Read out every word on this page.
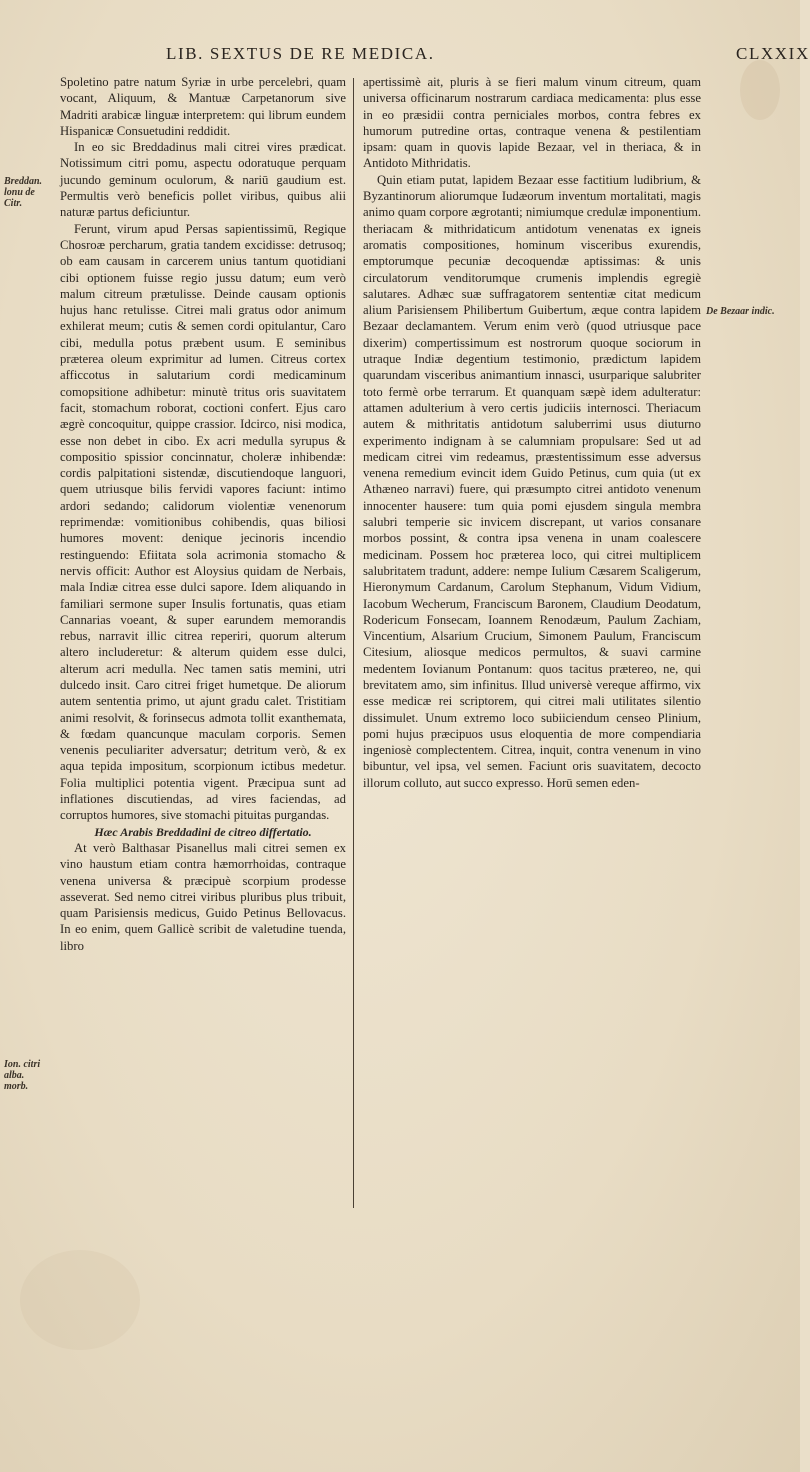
LIB. SEXTUS DE RE MEDICA.	CLXXIX
Breddan. lonu de Citr.
Ion. citri alba. morb.
De Bezaar indic.

Spoletino patre natum Syriæ in urbe percelebri, quam vocant, Aliquum, & Mantuæ Carpetanorum sive Madriti arabicæ linguæ interpretem: qui librum eundem Hispanicæ Consuetudini reddidit.

In eo sic Breddadinus mali citrei vires prædicat. Notissimum citri pomu, aspectu odoratuque perquam jucundo geminum oculorum, & nariū gaudium est. Permultis verò beneficis pollet viribus, quibus alii naturæ partus deficiuntur.

Ferunt, virum apud Persas sapientissimū, Regique Chosroæ percharum, gratia tandem excidisse: detrusoq; ob eam causam in carcerem unius tantum quotidiani cibi optionem fuisse regio jussu datum; eum verò malum citreum prætulisse. Deinde causam optionis hujus hanc retulisse. Citrei mali gratus odor animum exhilerat meum; cutis & semen cordi opitulantur, Caro cibi, medulla potus præbent usum. E seminibus præterea oleum exprimitur ad lumen. Citreus cortex afficcotus in salutarium cordi medicaminum comopsitione adhibetur: minutè tritus oris suavitatem facit, stomachum roborat, coctioni confert. Ejus caro ægrè concoquitur, quippe crassior. Idcirco, nisi modica, esse non debet in cibo. Ex acri medulla syrupus & compositio spissior concinnatur, choleræ inhibendæ: cordis palpitationi sistendæ, discutiendoque languori, quem utriusque bilis fervidi vapores faciunt: intimo ardori sedando; calidorum violentiæ venenorum reprimendæ: vomitionibus cohibendis, quas biliosi humores movent: denique jecinoris incendio restinguendo: Efiitata sola acrimonia stomacho & nervis officit: Author est Aloysius quidam de Nerbais, mala Indiæ citrea esse dulci sapore. Idem aliquando in familiari sermone super Insulis fortunatis, quas etiam Cannarias voeant, & super earundem memorandis rebus, narravit illic citrea reperiri, quorum alterum altero includeretur: & alterum quidem esse dulci, alterum acri medulla. Nec tamen satis memini, utri dulcedo insit. Caro citrei friget humetque. De aliorum autem sententia primo, ut ajunt gradu calet. Tristitiam animi resolvit, & forinsecus admota tollit exanthemata, & fœdam quancunque maculam corporis. Semen venenis peculiariter adversatur; detritum verò, & ex aqua tepida impositum, scorpionum ictibus medetur. Folia multiplici potentia vigent. Præcipua sunt ad inflationes discutiendas, ad vires faciendas, ad corruptos humores, sive stomachi pituitas purgandas.

Hæc Arabis Breddadini de citreo differtatio.

At verò Balthasar Pisanellus mali citrei semen ex vino haustum etiam contra hæmorrhoidas, contraque venena universa & præcipuè scorpium prodesse asseverat. Sed nemo citrei viribus pluribus plus tribuit, quam Parisiensis medicus, Guido Petinus Bellovacus. In eo enim, quem Gallicè scribit de valetudine tuenda, libro

apertissimè ait, pluris à se fieri malum vinum citreum, quam universa officinarum nostrarum cardiaca medicamenta: plus esse in eo præsidii contra perniciales morbos, contra febres ex humorum putredine ortas, contraque venena & pestilentiam ipsam: quam in quovis lapide Bezaar, vel in theriaca, & in Antidoto Mithridatis.

Quin etiam putat, lapidem Bezaar esse factitium ludibrium, & Byzantinorum aliorumque Iudæorum inventum mortalitati, magis animo quam corpore ægrotanti; nimiumque credulæ imponentium. theriacam & mithridaticum antidotum venenatas ex igneis aromatis compositiones, hominum visceribus exurendis, emptorumque pecuniæ decoquendæ aptissimas: & unis circulatorum venditorumque crumenis implendis egregiè salutares. Adhæc suæ suffragatorem sententiæ citat medicum alium Parisiensem Philibertum Guibertum, æque contra lapidem Bezaar declamantem. Verum enim verò (quod utriusque pace dixerim) compertissimum est nostrorum quoque sociorum in utraque Indiæ degentium testimonio, prædictum lapidem quarundam visceribus animantium innasci, usurparique salubriter toto fermè orbe terrarum. Et quanquam sæpè idem adulteratur: attamen adulterium à vero certis judiciis internosci. Theriacum autem & mithritatis antidotum saluberrimi usus diuturno experimento indignam à se calumniam propulsare: Sed ut ad medicam citrei vim redeamus, præstentissimum esse adversus venena remedium evincit idem Guido Petinus, cum quia (ut ex Athæneo narravi) fuere, qui præsumpto citrei antidoto venenum innocenter hausere: tum quia pomi ejusdem singula membra salubri temperie sic invicem discrepant, ut varios consanare morbos possint, & contra ipsa venena in unam coalescere medicinam. Possem hoc præterea loco, qui citrei multiplicem salubritatem tradunt, addere: nempe Iulium Cæsarem Scaligerum, Hieronymum Cardanum, Carolum Stephanum, Vidum Vidium, Iacobum Wecherum, Franciscum Baronem, Claudium Deodatum, Rodericum Fonsecam, Ioannem Renodæum, Paulum Zachiam, Vincentium, Alsarium Crucium, Simonem Paulum, Franciscum Citesium, aliosque medicos permultos, & suavi carmine medentem Iovianum Pontanum: quos tacitus prætereo, ne, qui brevitatem amo, sim infinitus. Illud universè vereque affirmo, vix esse medicæ rei scriptorem, qui citrei mali utilitates silentio dissimulet. Unum extremo loco subiiciendum censeo Plinium, pomi hujus præcipuos usus eloquentia de more compendiaria ingeniosè complectentem. Citrea, inquit, contra venenum in vino bibuntur, vel ipsa, vel semen. Faciunt oris suavitatem, decocto illorum colluto, aut succo expresso. Horū semen eden-
